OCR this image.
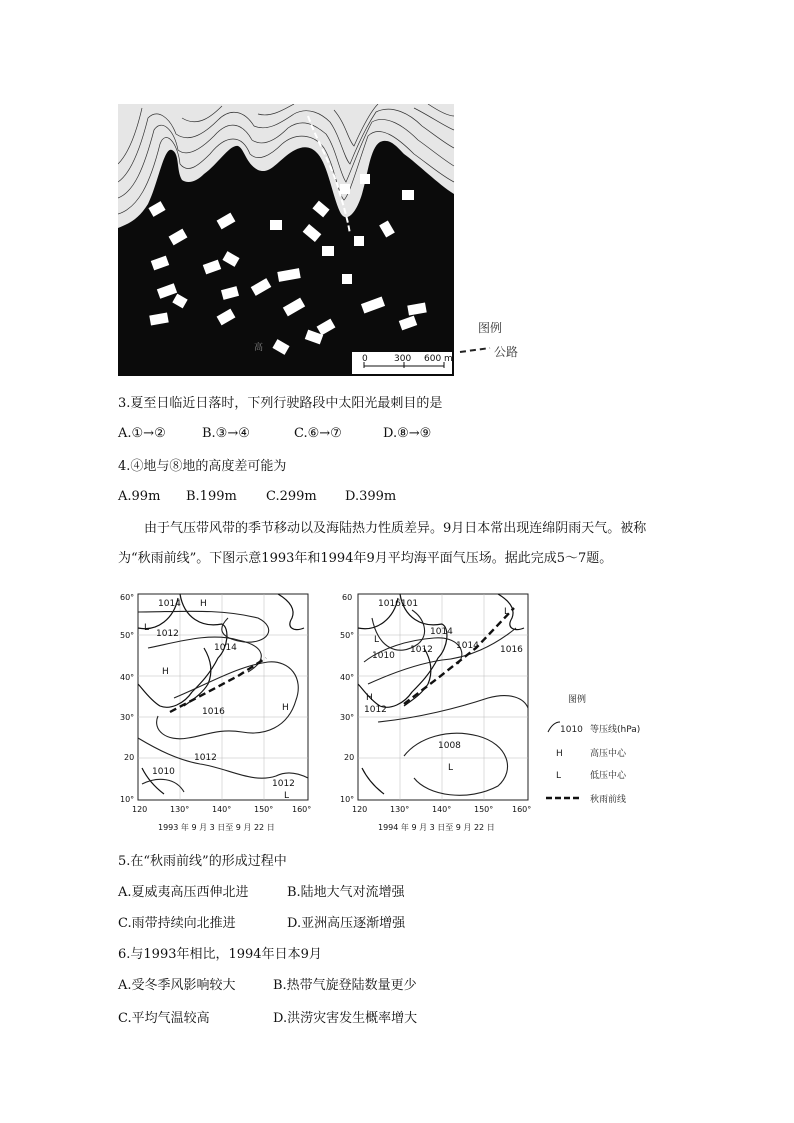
0	300 600 m
高
图例
公路
3.夏至日临近日落时，下列行驶路段中太阳光最刺目的是
A.①→②	B.③→④	C.⑥→⑦	D.⑧→⑨
4.④地与⑧地的高度差可能为
A.99m B.199m C.299m D.399m
由于气压带风带的季节移动以及海陆热力性质差异。9月日本常出现连绵阴雨天气。被称
为“秋雨前线”。下图示意1993年和1994年9月平均海平面气压场。据此完成5～7题。
1014 H
1012
1014
H
1016	H
1010
1012
1012
L
L
60°
50°
40°
30°
20
10°
120	130°	140°	150° 160°
1993 年 9 月 3 日至 9 月 22 日
1016101
L
1010
1012
1014
1014 1016
H
1012
1008
L
L
60
50°
40°
30°
20
10°
120	130°	140°	150° 160°
1994 年 9 月 3 日至 9 月 22 日
图例
1010 等压线(hPa)
H	高压中心
L	低压中心
秋雨前线
5.在“秋雨前线”的形成过程中
A.夏威夷高压西伸北进	B.陆地大气对流增强
C.雨带持续向北推进	D.亚洲高压逐渐增强
6.与1993年相比，1994年日本9月
A.受冬季风影响较大	B.热带气旋登陆数量更少
C.平均气温较高	D.洪涝灾害发生概率增大
